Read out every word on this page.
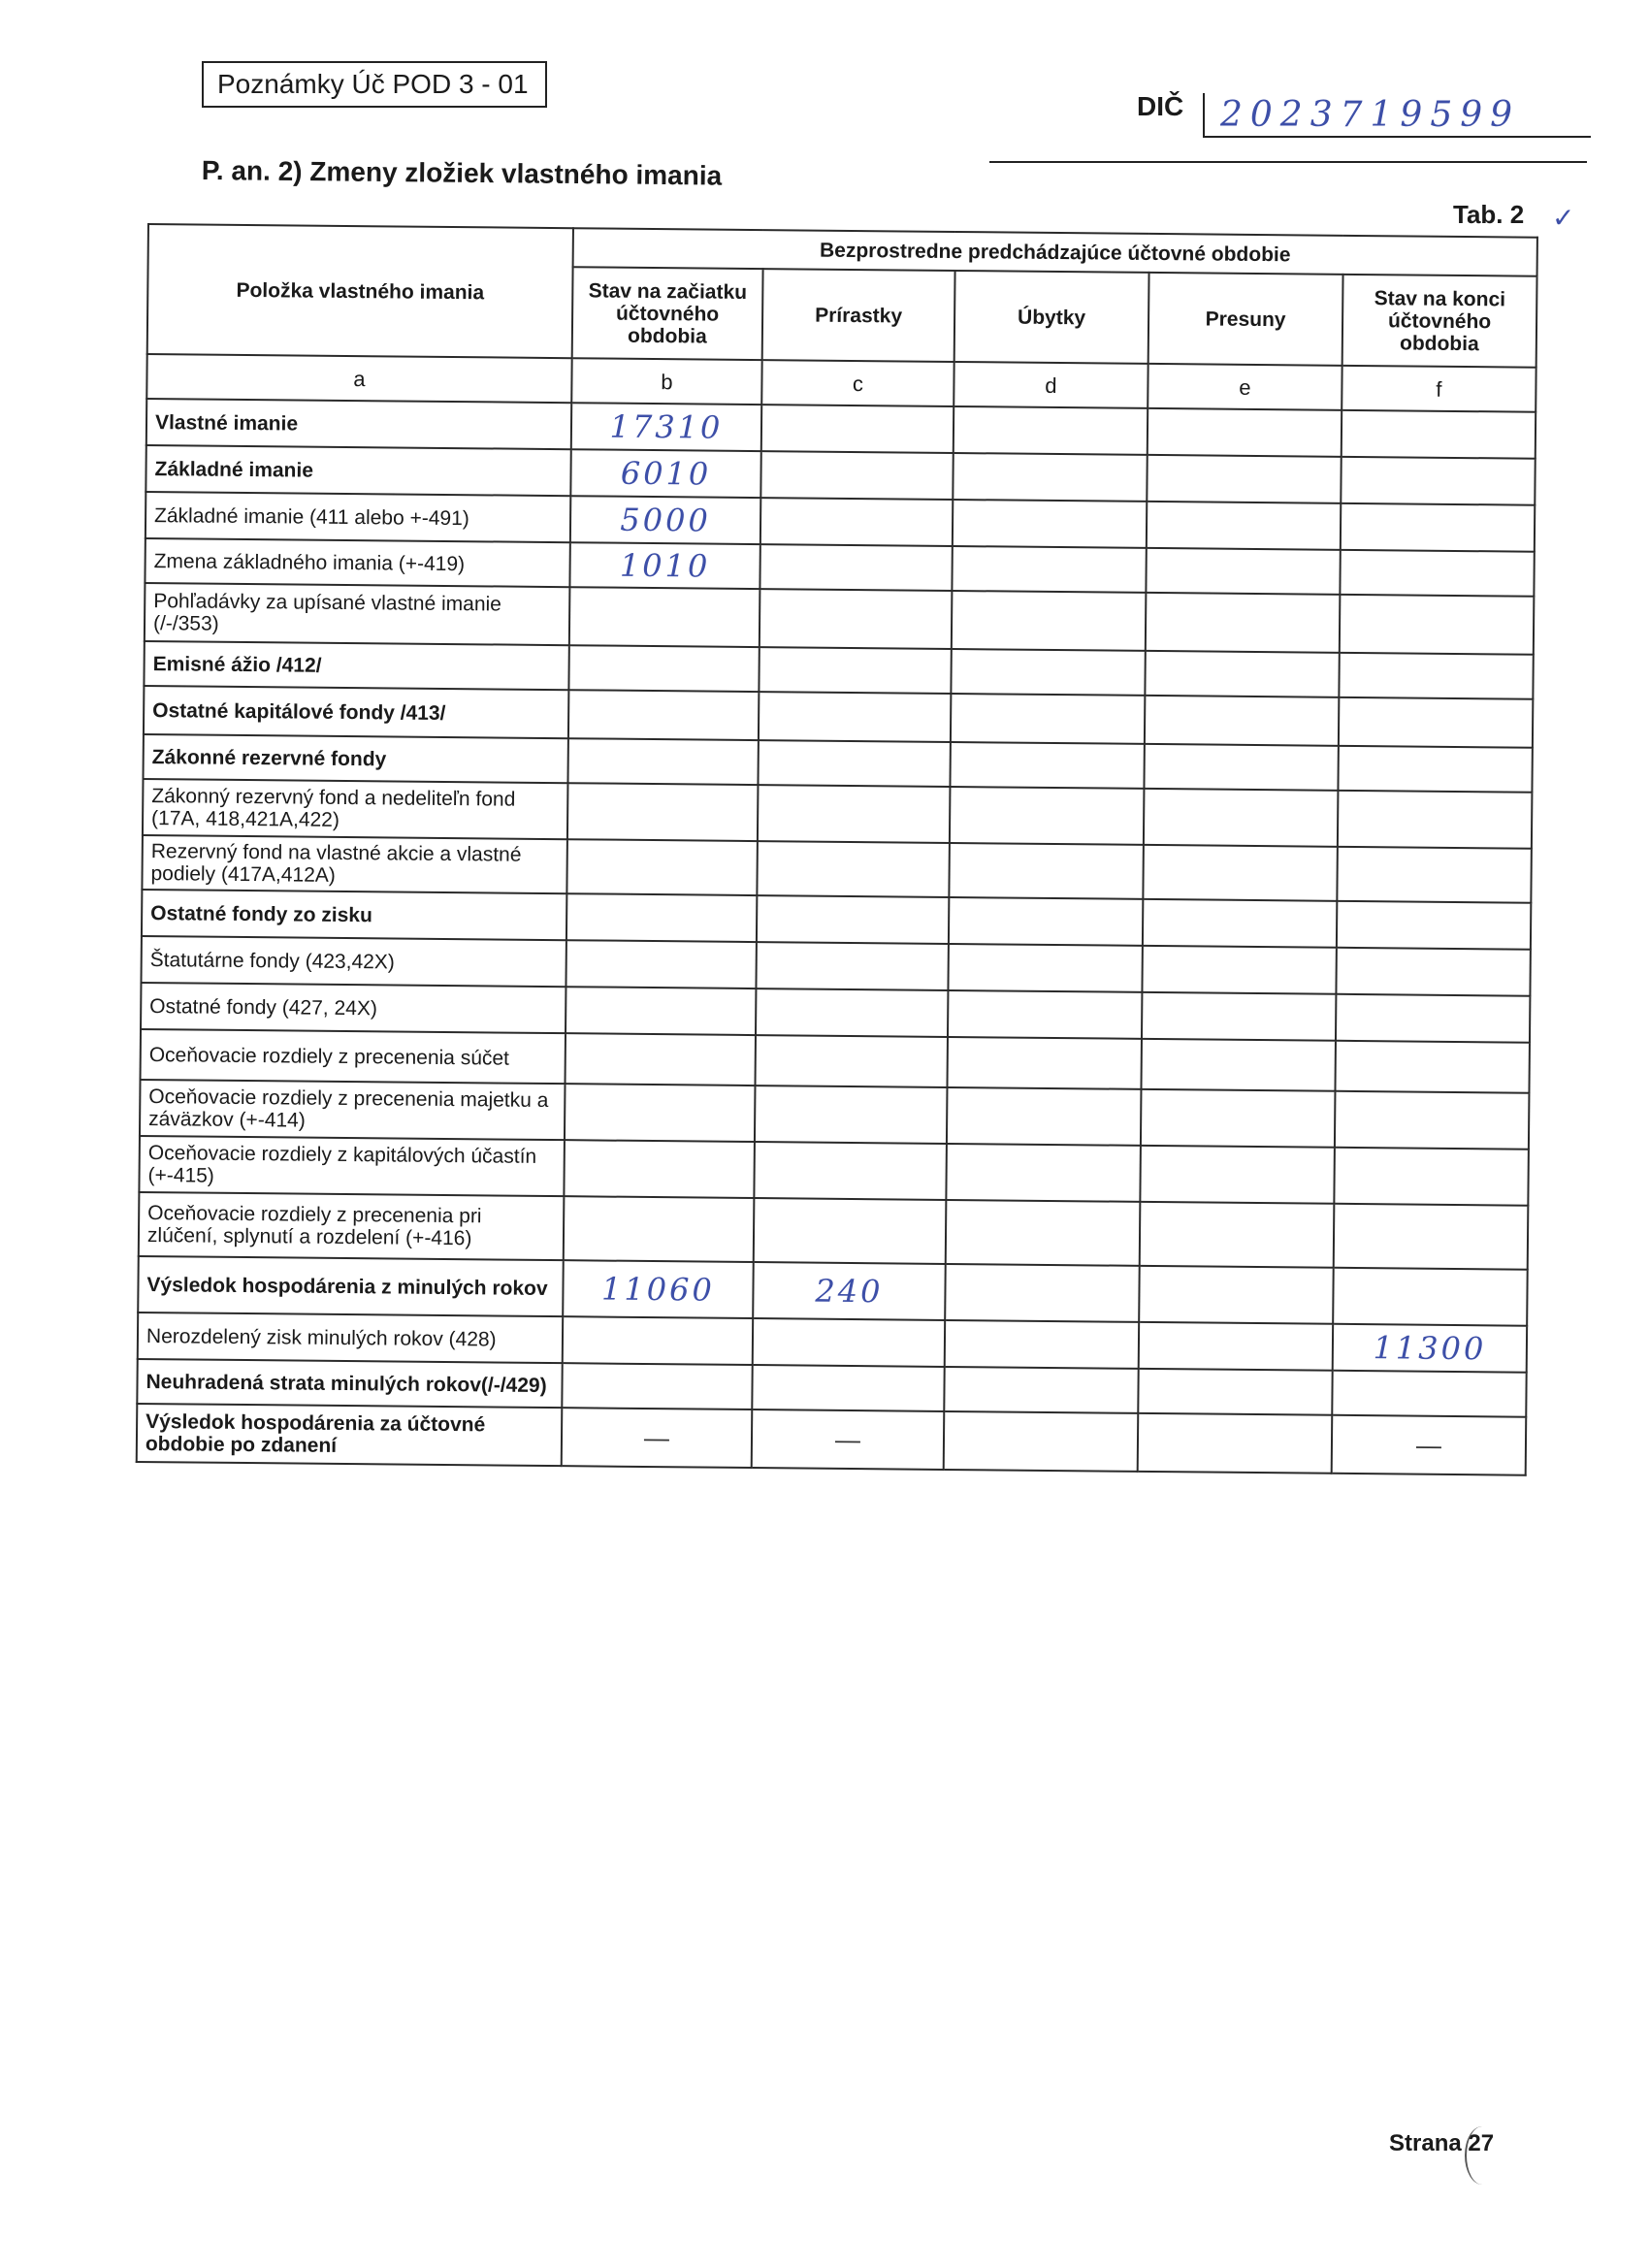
Poznámky Úč POD 3 - 01
DIČ 2023719599
P. an. 2) Zmeny zložiek vlastného imania
Tab. 2 ✓
Položka vlastného imania	Bezprostredne predchádzajúce účtovné obdobie				
	Stav na začiatku účtovného obdobia	Prírastky	Úbytky	Presuny	Stav na konci účtovného obdobia
a	b	c	d	e	f
Vlastné imanie	17310				
Základné imanie	6010				
Základné imanie (411 alebo +-491)	5000				
Zmena základného imania (+-419)	1010				
Pohľadávky za upísané vlastné imanie (/-/353)					
Emisné ážio /412/					
Ostatné kapitálové fondy /413/					
Zákonné rezervné fondy					
Zákonný rezervný fond a nedeliteľn fond (17A, 418,421A,422)					
Rezervný fond na vlastné akcie a vlastné podiely (417A,412A)					
Ostatné fondy zo zisku					
Štatutárne fondy (423,42X)					
Ostatné fondy (427, 24X)					
Oceňovacie rozdiely z precenenia súčet					
Oceňovacie rozdiely z precenenia majetku a záväzkov (+-414)					
Oceňovacie rozdiely z kapitálových účastín (+-415)					
Oceňovacie rozdiely z precenenia pri zlúčení, splynutí a rozdelení (+-416)					
Výsledok hospodárenia z minulých rokov	11060	240			
Nerozdelený zisk minulých rokov (428)					11300
Neuhradená strata minulých rokov(/-/429)					
Výsledok hospodárenia za účtovné obdobie po zdanení	—	—			—
Strana 27
